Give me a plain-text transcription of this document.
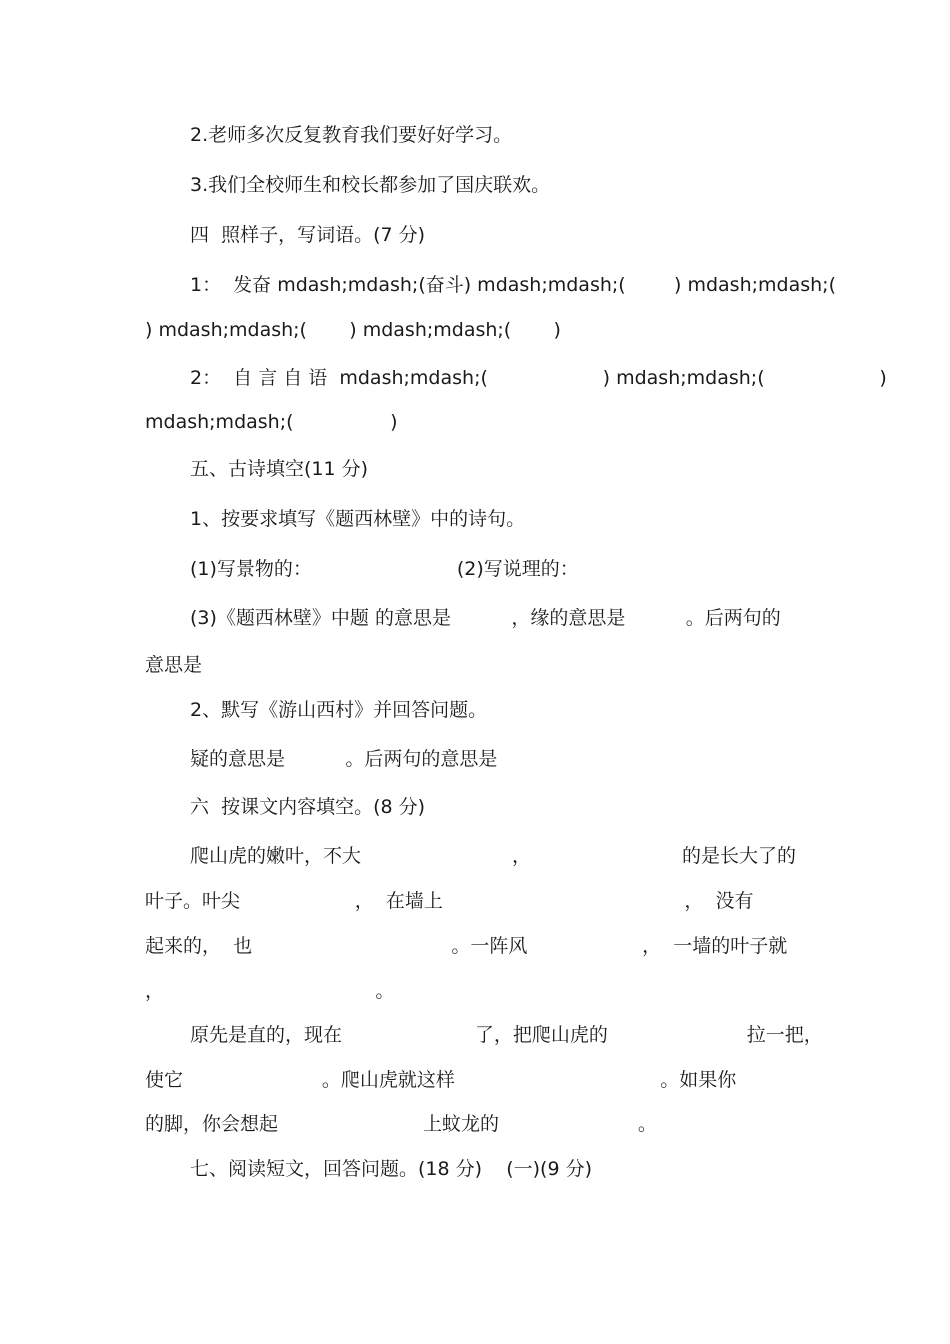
2.老师多次反复教育我们要好好学习。
3.我们全校师生和校长都参加了国庆联欢。
四  照样子，写词语。(7 分)
1：  发奋 mdash;mdash;(奋斗) mdash;mdash;(        ) mdash;mdash;(
) mdash;mdash;(       ) mdash;mdash;(       )
2：  自 言 自 语  mdash;mdash;(                   ) mdash;mdash;(                   )
mdash;mdash;(                )
五、古诗填空(11 分)
1、按要求填写《题西林壁》中的诗句。
(1)写景物的：                        (2)写说理的：
(3)《题西林壁》中题 的意思是          ，缘的意思是          。后两句的
意思是
2、默写《游山西村》并回答问题。
疑的意思是          。后两句的意思是
六  按课文内容填空。(8 分)
爬山虎的嫩叶，不大                         ，                         的是长大了的
叶子。叶尖                   ，  在墙上                                        ，  没有
起来的，  也                                 。一阵风                   ，  一墙的叶子就
，                                   。
原先是直的，现在                      了，把爬山虎的                       拉一把，
使它                       。爬山虎就这样                                  。如果你
的脚，你会想起                        上蚊龙的                       。
七、阅读短文，回答问题。(18 分)    (一)(9 分)
